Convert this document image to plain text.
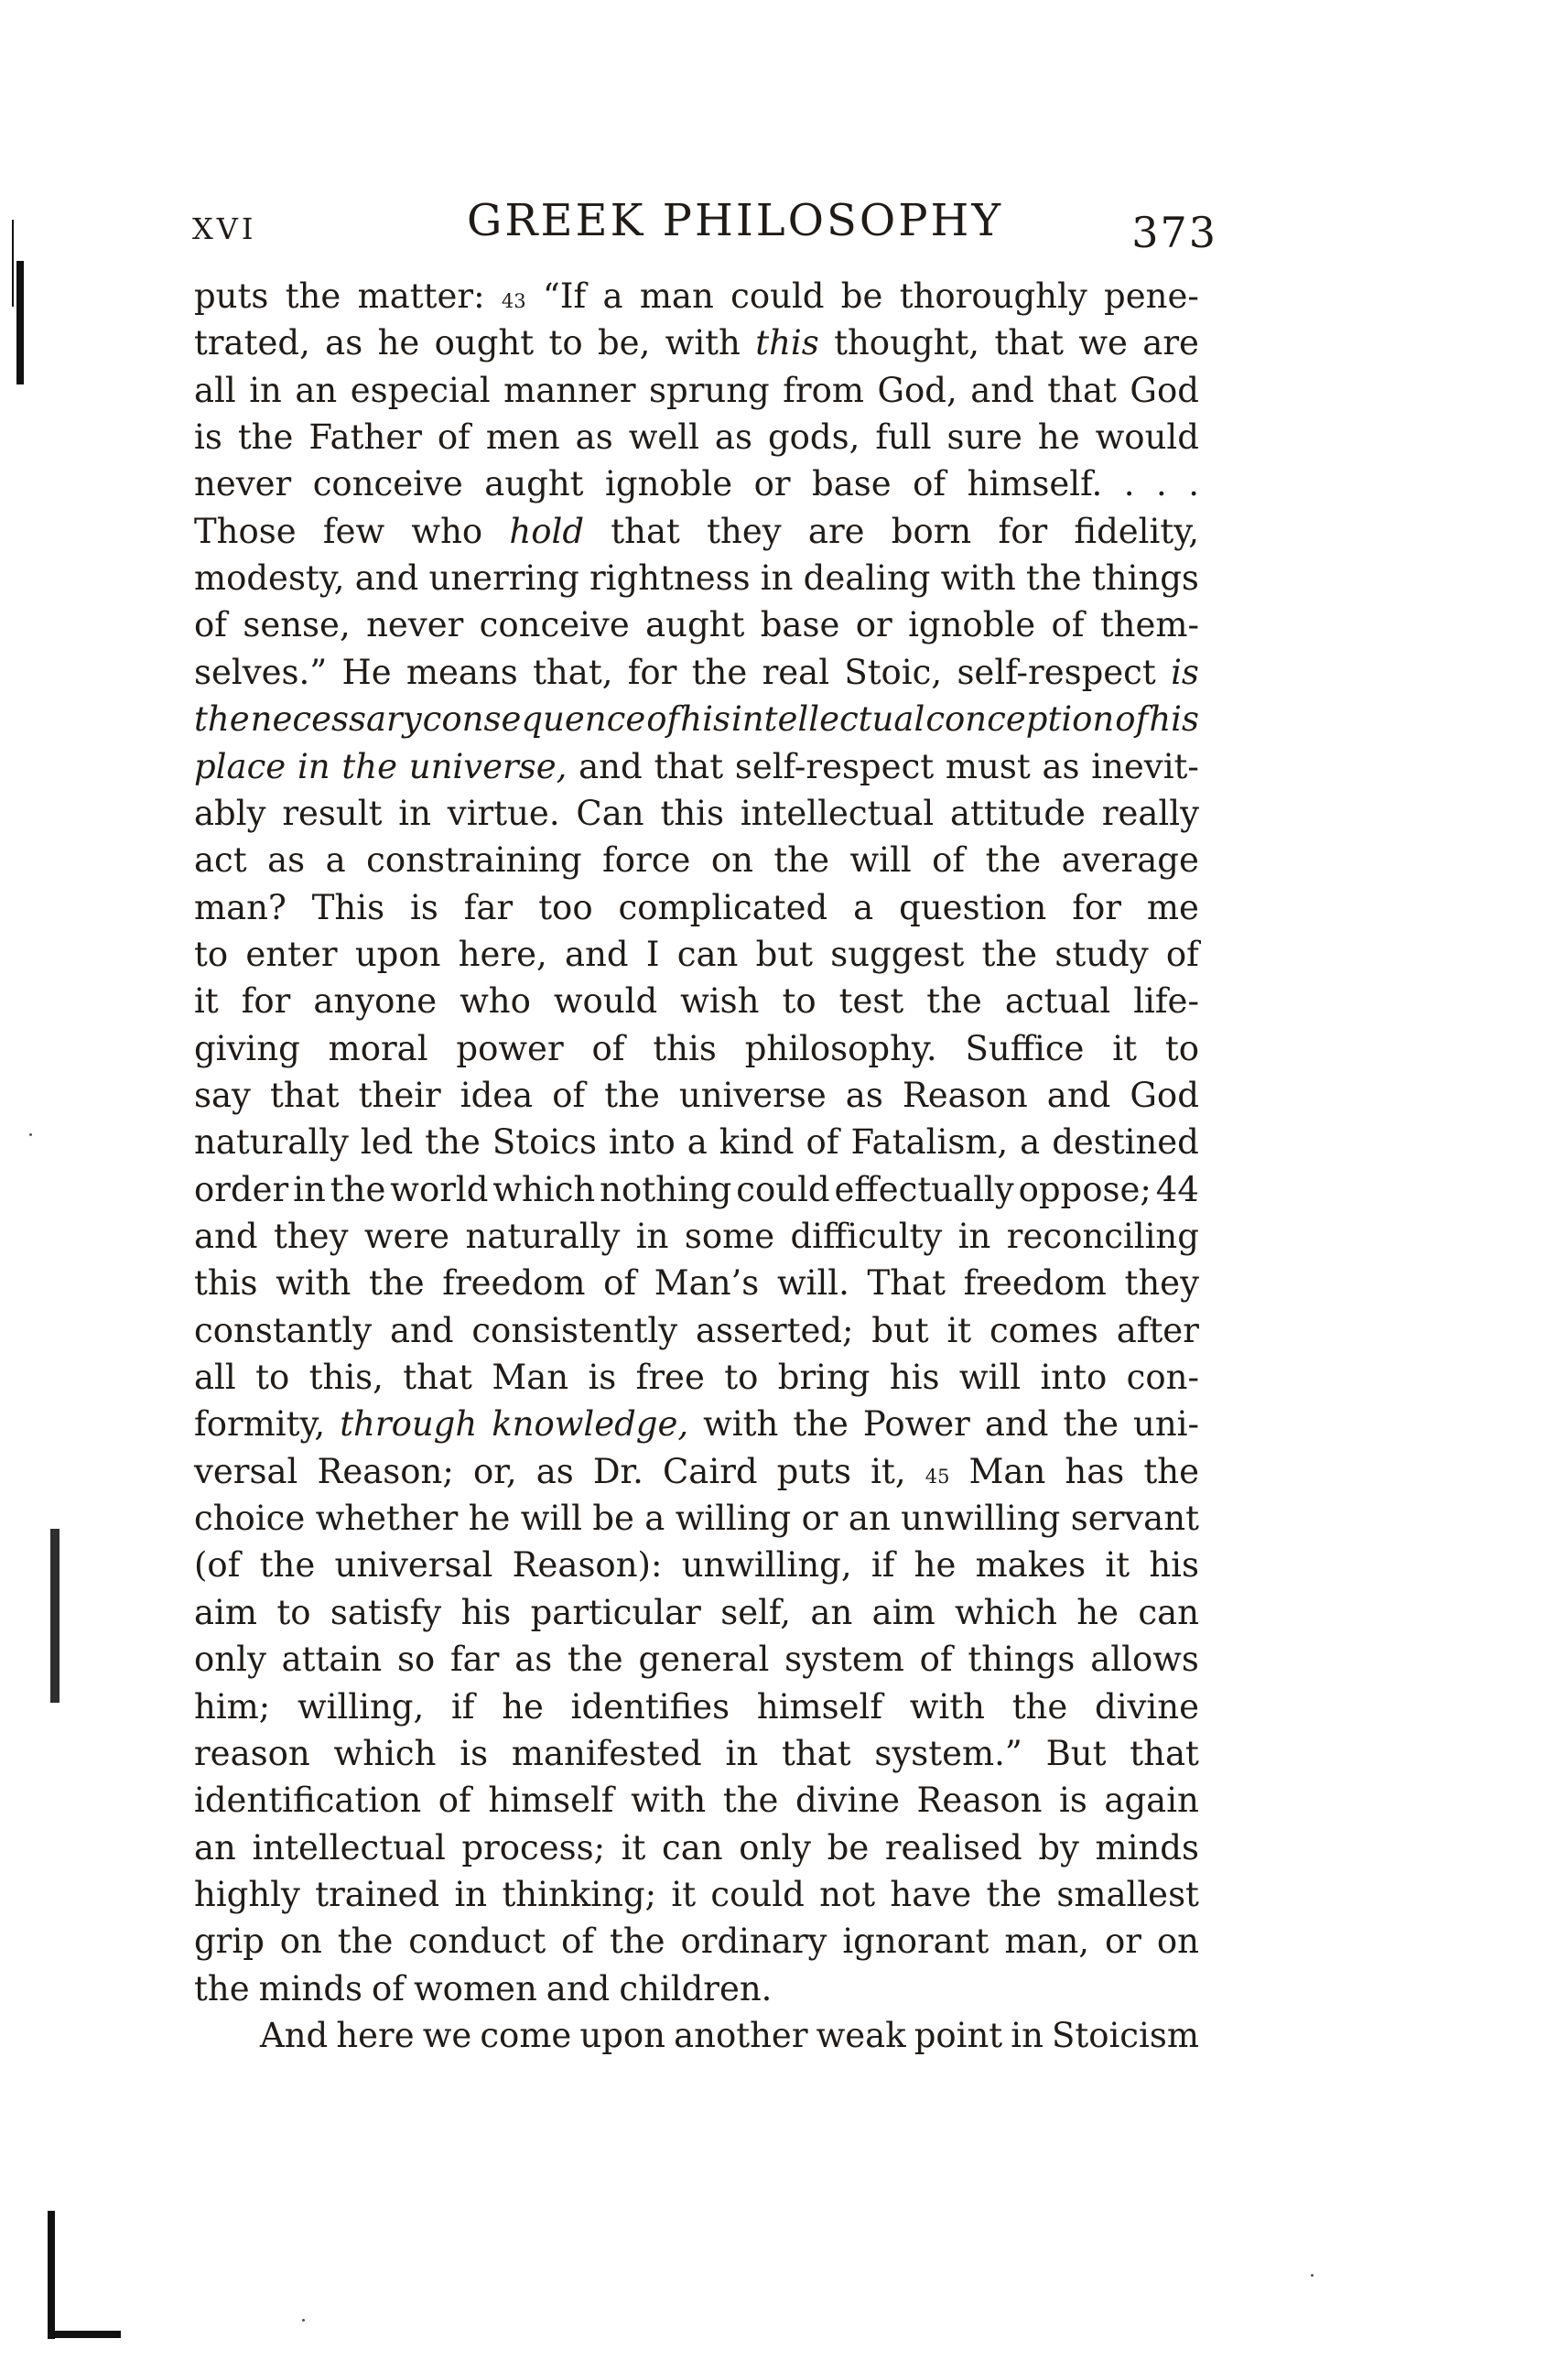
XVI	GREEK PHILOSOPHY	373
puts the matter: 43 “If a man could be thoroughly pene-
trated, as he ought to be, with this thought, that we are
all in an especial manner sprung from God, and that God
is the Father of men as well as gods, full sure he would
never conceive aught ignoble or base of himself. . . .
Those few who hold that they are born for fidelity,
modesty, and unerring rightness in dealing with the things
of sense, never conceive aught base or ignoble of them-
selves.” He means that, for the real Stoic, self-respect is
the necessary consequence of his intellectual conception of his
place in the universe, and that self-respect must as inevit-
ably result in virtue. Can this intellectual attitude really
act as a constraining force on the will of the average
man? This is far too complicated a question for me
to enter upon here, and I can but suggest the study of
it for anyone who would wish to test the actual life-
giving moral power of this philosophy. Suffice it to
say that their idea of the universe as Reason and God
naturally led the Stoics into a kind of Fatalism, a destined
order in the world which nothing could effectually oppose; 44
and they were naturally in some difficulty in reconciling
this with the freedom of Man’s will. That freedom they
constantly and consistently asserted; but it comes after
all to this, that Man is free to bring his will into con-
formity, through knowledge, with the Power and the uni-
versal Reason; or, as Dr. Caird puts it, 45 Man has the
choice whether he will be a willing or an unwilling servant
(of the universal Reason): unwilling, if he makes it his
aim to satisfy his particular self, an aim which he can
only attain so far as the general system of things allows
him; willing, if he identifies himself with the divine
reason which is manifested in that system.” But that
identification of himself with the divine Reason is again
an intellectual process; it can only be realised by minds
highly trained in thinking; it could not have the smallest
grip on the conduct of the ordinary ignorant man, or on
the minds of women and children.
And here we come upon another weak point in Stoicism
